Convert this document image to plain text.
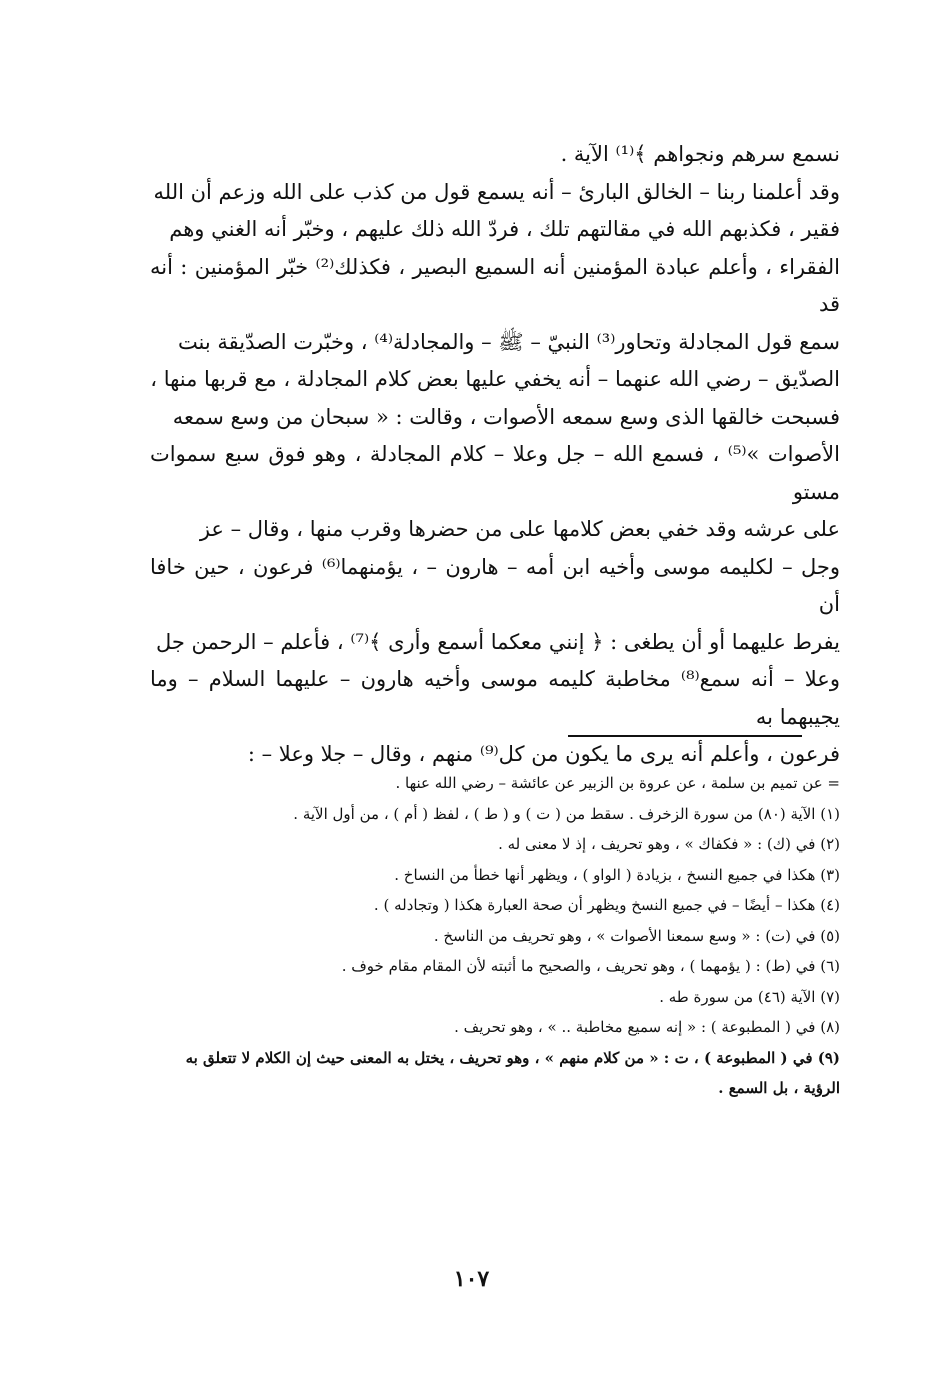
نسمع سرهم ونجواهم ﴾⁽¹⁾ الآية .
وقد أعلمنا ربنا – الخالق البارئ – أنه يسمع قول من كذب على الله وزعم أن الله
فقير ، فكذبهم الله في مقالتهم تلك ، فردّ الله ذلك عليهم ، وخبّر أنه الغني وهم
الفقراء ، وأعلم عبادة المؤمنين أنه السميع البصير ، فكذلك⁽²⁾ خبّر المؤمنين : أنه قد
سمع قول المجادلة وتحاور⁽³⁾ النبيّ – ﷺ – والمجادلة⁽⁴⁾ ، وخبّرت الصدّيقة بنت
الصدّيق – رضي الله عنهما – أنه يخفي عليها بعض كلام المجادلة ، مع قربها منها ،
فسبحت خالقها الذى وسع سمعه الأصوات ، وقالت : « سبحان من وسع سمعه
الأصوات »⁽⁵⁾ ، فسمع الله – جل وعلا – كلام المجادلة ، وهو فوق سبع سموات مستو
على عرشه وقد خفي بعض كلامها على من حضرها وقرب منها ، وقال – عز
وجل – لكليمه موسى وأخيه ابن أمه – هارون – ، يؤمنهما⁽⁶⁾ فرعون ، حين خافا أن
يفرط عليهما أو أن يطغى : ﴿ إنني معكما أسمع وأرى ﴾⁽⁷⁾ ، فأعلم – الرحمن جل
وعلا – أنه سمع⁽⁸⁾ مخاطبة كليمه موسى وأخيه هارون – عليهما السلام – وما يجيبهما به
فرعون ، وأعلم أنه يرى ما يكون من كل⁽⁹⁾ منهم ، وقال – جلا وعلا – :

= عن تميم بن سلمة ، عن عروة بن الزبير عن عائشة – رضي الله عنها .
(١) الآية (٨٠) من سورة الزخرف . سقط من ( ت ) و ( ط ) ، لفظ ( أم ) ، من أول الآية .
(٢) في (ك) : « فكفاك » ، وهو تحريف ، إذ لا معنى له .
(٣) هكذا في جميع النسخ ، بزيادة ( الواو ) ، ويظهر أنها خطأ من النساخ .
(٤) هكذا – أيضًا – في جميع النسخ ويظهر أن صحة العبارة هكذا ( وتجادله ) .
(٥) في (ت) : « وسع سمعنا الأصوات » ، وهو تحريف من الناسخ .
(٦) في (ط) : ( يؤمهما ) ، وهو تحريف ، والصحيح ما أثبته لأن المقام مقام خوف .
(٧) الآية (٤٦) من سورة طه .
(٨) في ( المطبوعة ) : « إنه سميع مخاطبة .. » ، وهو تحريف .
(٩) في ( المطبوعة ) ، ت : « من كلام منهم » ، وهو تحريف ، يختل به المعنى حيث إن الكلام لا تتعلق به
الرؤية ، بل السمع .
١٠٧
